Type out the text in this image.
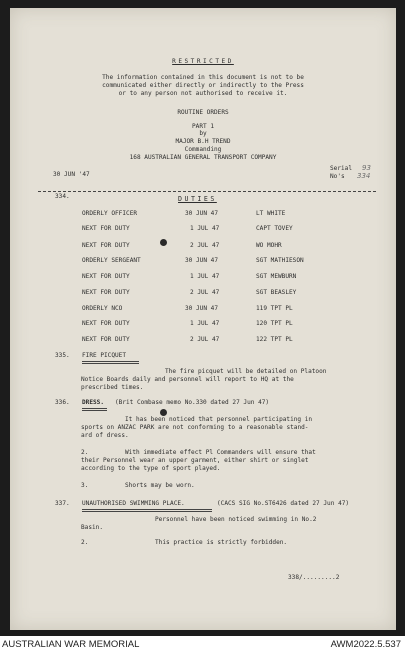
RESTRICTED
The information contained in this document is not to be
communicated either directly or indirectly to the Press
or to any person not authorised to receive it.
ROUTINE ORDERS
PART 1
by
MAJOR B.H TREND
Commanding
168 AUSTRALIAN GENERAL TRANSPORT COMPANY
30 JUN '47
Serial
No's
93
334
334.	DUTIES
ORDERLY OFFICER	30 JUN 47	LT WHITE
NEXT FOR DUTY	1 JUL 47	CAPT TOVEY
NEXT FOR DUTY	2 JUL 47	WO MOHR
ORDERLY SERGEANT	30 JUN 47	SGT MATHIESON
NEXT FOR DUTY	1 JUL 47	SGT MEWBURN
NEXT FOR DUTY	2 JUL 47	SGT BEASLEY
ORDERLY NCO	30 JUN 47	119 TPT PL
NEXT FOR DUTY	1 JUL 47	120 TPT PL
NEXT FOR DUTY	2 JUL 47	122 TPT PL
335. FIRE PICQUET
The fire picquet will be detailed on Platoon
Notice Boards daily and personnel will report to HQ at the
prescribed times.
336. DRESS. (Brit Combase memo No.330 dated 27 Jun 47)
It has been noticed that personnel participating in
sports on ANZAC PARK are not conforming to a reasonable stand-
ard of dress.
2.	With immediate effect Pl Commanders will ensure that
their Personnel wear an upper garment, either shirt or singlet
according to the type of sport played.
3.	Shorts may be worn.
337. UNAUTHORISED SWIMMING PLACE.	(CACS SIG No.ST6426 dated 27 Jun 47)
Personnel have been noticed swimming in No.2
Basin.
2.	This practice is strictly forbidden.
338/.........2
AUSTRALIAN WAR MEMORIAL	AWM2022.5.537
